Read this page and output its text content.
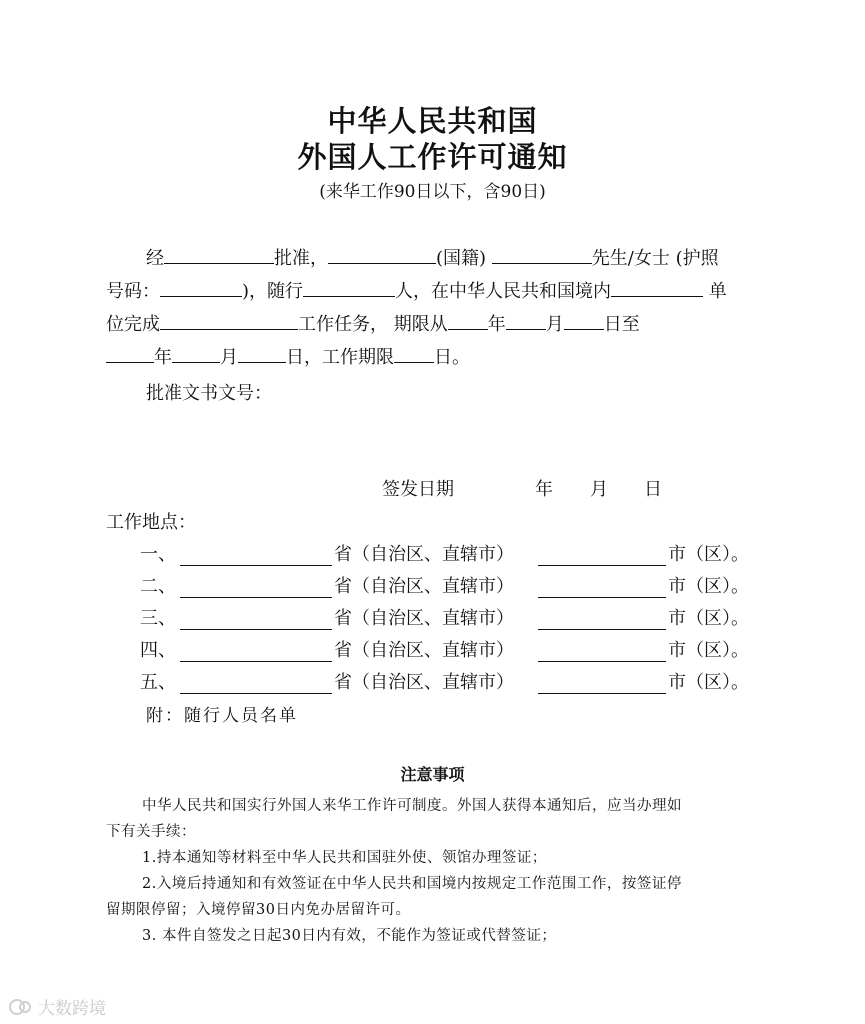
中华人民共和国
外国人工作许可通知
(来华工作90日以下，含90日)
经	批准，	(国籍)	先生/女士 (护照
号码：	)，随行	人，在中华人民共和国境内	单
位完成	工作任务， 期限从 年 月 日至
年	月	日，工作期限 日。
批准文书文号：
签发日期	年 月 日
工作地点：
一、	省（自治区、直辖市）	市（区）。
二、	省（自治区、直辖市）	市（区）。
三、	省（自治区、直辖市）	市（区）。
四、	省（自治区、直辖市）	市（区）。
五、	省（自治区、直辖市）	市（区）。
附：随行人员名单
注意事项
中华人民共和国实行外国人来华工作许可制度。外国人获得本通知后，应当办理如
下有关手续：
1.持本通知等材料至中华人民共和国驻外使、领馆办理签证；
2.入境后持通知和有效签证在中华人民共和国境内按规定工作范围工作，按签证停
留期限停留；入境停留30日内免办居留许可。
3. 本件自签发之日起30日内有效，不能作为签证或代替签证；
大数跨境
